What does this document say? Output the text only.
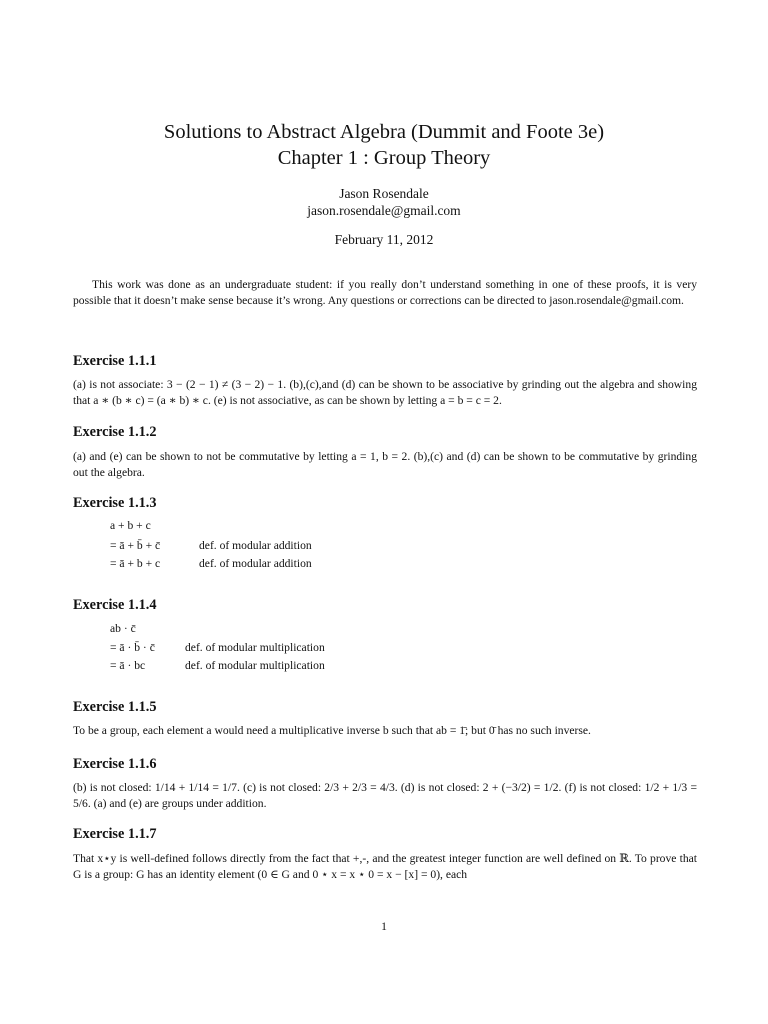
Solutions to Abstract Algebra (Dummit and Foote 3e)
Chapter 1 : Group Theory
Jason Rosendale
jason.rosendale@gmail.com
February 11, 2012

This work was done as an undergraduate student: if you really don’t understand something in one of these proofs, it is very possible that it doesn’t make sense because it’s wrong. Any questions or corrections can be directed to jason.rosendale@gmail.com.

Exercise 1.1.1

(a) is not associate: 3 − (2 − 1) ≠ (3 − 2) − 1. (b),(c),and (d) can be shown to be associative by grinding out the algebra and showing that a ∗ (b ∗ c) = (a ∗ b) ∗ c. (e) is not associative, as can be shown by letting a = b = c = 2.

Exercise 1.1.2

(a) and (e) can be shown to not be commutative by letting a = 1, b = 2. (b),(c) and (d) can be shown to be commutative by grinding out the algebra.

Exercise 1.1.3
a + b + c
= ā + b̄ + c̄	def. of modular addition
= ā + b + c	def. of modular addition
Exercise 1.1.4
ab · c̄
= ā · b̄ · c̄	def. of modular multiplication
= ā · bc	def. of modular multiplication
Exercise 1.1.5

To be a group, each element a would need a multiplicative inverse b such that ab = 1̄; but 0̄ has no such inverse.

Exercise 1.1.6

(b) is not closed: 1/14 + 1/14 = 1/7. (c) is not closed: 2/3 + 2/3 = 4/3. (d) is not closed: 2 + (−3/2) = 1/2. (f) is not closed: 1/2 + 1/3 = 5/6. (a) and (e) are groups under addition.

Exercise 1.1.7

That x⋆y is well-defined follows directly from the fact that +,-, and the greatest integer function are well defined on ℝ. To prove that G is a group: G has an identity element (0 ∈ G and 0 ⋆ x = x ⋆ 0 = x − [x] = 0), each

1
